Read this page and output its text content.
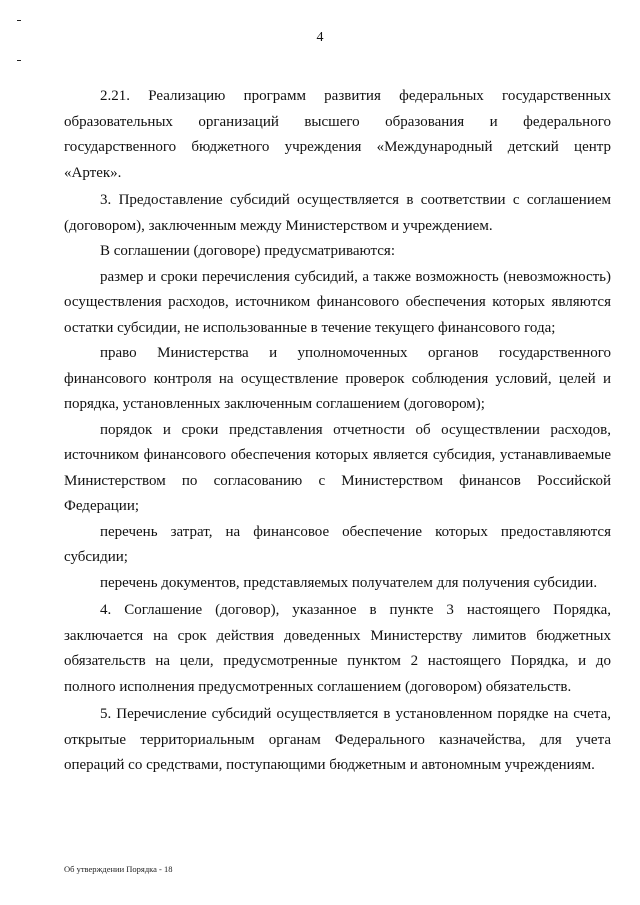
4

2.21. Реализацию программ развития федеральных государственных образовательных организаций высшего образования и федерального государственного бюджетного учреждения «Международный детский центр «Артек».

3. Предоставление субсидий осуществляется в соответствии с соглашением (договором), заключенным между Министерством и учреждением.

В соглашении (договоре) предусматриваются:

размер и сроки перечисления субсидий, а также возможность (невозможность) осуществления расходов, источником финансового обеспечения которых являются остатки субсидии, не использованные в течение текущего финансового года;

право Министерства и уполномоченных органов государственного финансового контроля на осуществление проверок соблюдения условий, целей и порядка, установленных заключенным соглашением (договором);

порядок и сроки представления отчетности об осуществлении расходов, источником финансового обеспечения которых является субсидия, устанавливаемые Министерством по согласованию с Министерством финансов Российской Федерации;

перечень затрат, на финансовое обеспечение которых предоставляются субсидии;

перечень документов, представляемых получателем для получения субсидии.

4. Соглашение (договор), указанное в пункте 3 настоящего Порядка, заключается на срок действия доведенных Министерству лимитов бюджетных обязательств на цели, предусмотренные пунктом 2 настоящего Порядка, и до полного исполнения предусмотренных соглашением (договором) обязательств.

5. Перечисление субсидий осуществляется в установленном порядке на счета, открытые территориальным органам Федерального казначейства, для учета операций со средствами, поступающими бюджетным и автономным учреждениям.

Об утверждении Порядка - 18
